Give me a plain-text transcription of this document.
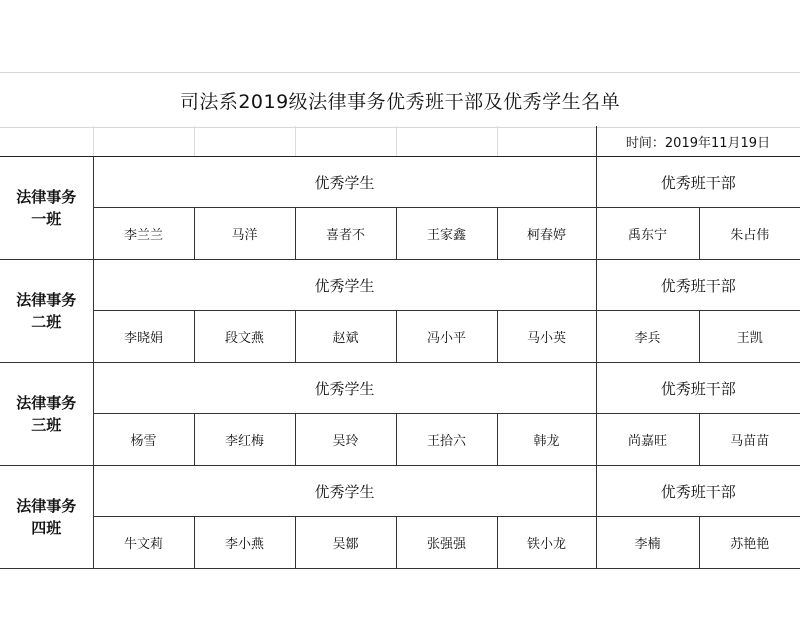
司法系2019级法律事务优秀班干部及优秀学生名单
时间：2019年11月19日
法律事务
一班	优秀学生					优秀班干部	
	李兰兰	马洋	喜者不	王家鑫	柯春婷	禹东宁	朱占伟

法律事务
二班	优秀学生					优秀班干部	
	李晓娟	段文燕	赵斌	冯小平	马小英	李兵	王凯

法律事务
三班	优秀学生					优秀班干部	
	杨雪	李红梅	吴玲	王拾六	韩龙	尚嘉旺	马苗苗

法律事务
四班	优秀学生					优秀班干部	
	牛文莉	李小燕	吴鄒	张强强	铁小龙	李楠	苏艳艳
